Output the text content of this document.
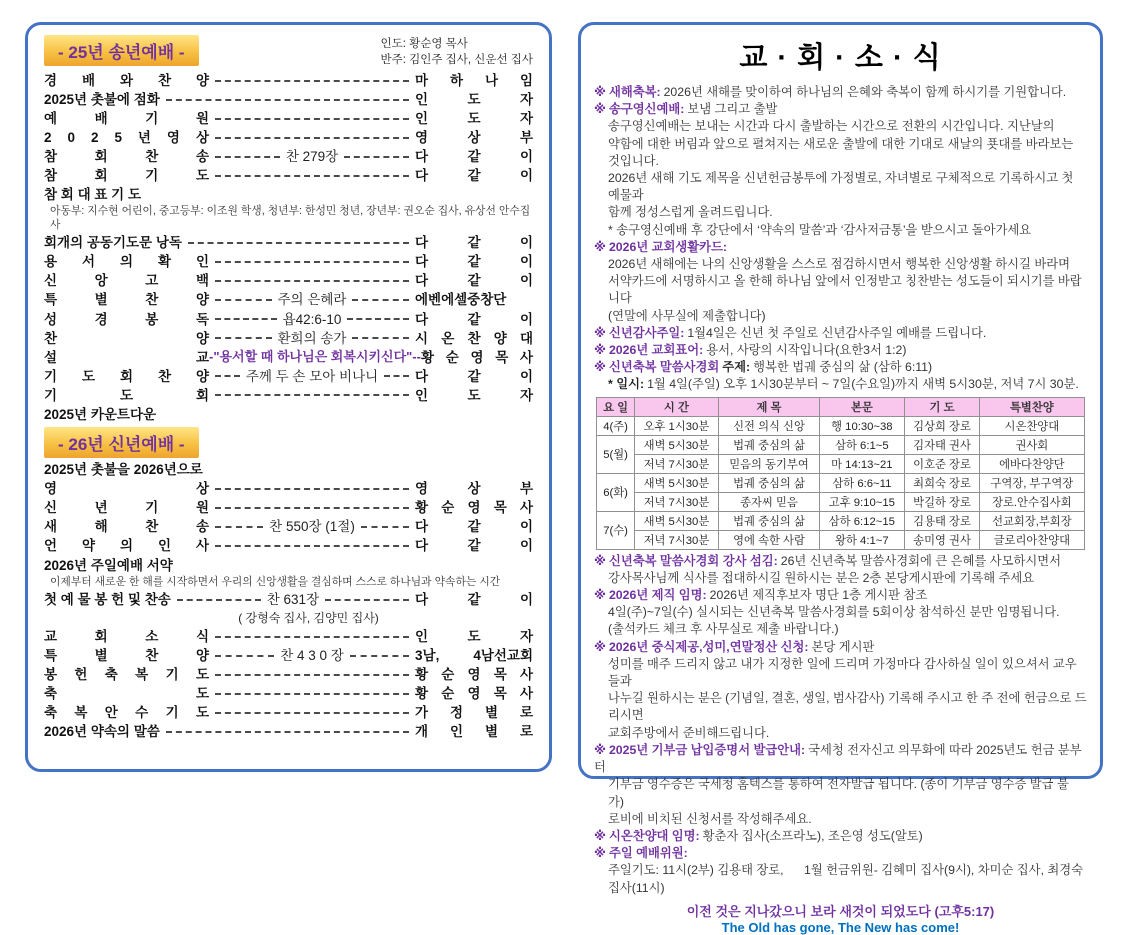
- 25년 송년예배 -	인도: 황순영 목사
반주: 김인주 집사, 신운선 집사
경 배 와 찬 양	마 하 나 임
2025년 촛불에 점화	인 도 자
예 배 기 원	인 도 자
2 0 2 5 년 영 상	영 상 부
참 회 찬 송	찬 279장	다 같 이
참 회 기 도	다 같 이
참 회 대 표 기 도
아동부: 지수현 어린이, 중고등부: 이조원 학생, 청년부: 한성민 청년, 장년부: 권오순 집사, 유상선 안수집사
회개의 공동기도문 낭독	다 같 이
용 서 의 확 인	다 같 이
신 앙 고 백	다 같 이
특 별 찬 양	주의 은혜라	에벤에셀중창단
성 경 봉 독	욥42:6-10	다 같 이
찬 양	환희의 송가	시 온 찬 양 대
설 교 -"용서할 때 하나님은 회복시키신다"-- 황 순 영 목 사
기 도 회 찬 양	주께 두 손 모아 비나니	다 같 이
기 도 회	인 도 자
2025년 카운트다운
- 26년 신년예배 -
2025년 촛불을 2026년으로
영 상	영 상 부
신 년 기 원	황 순 영 목 사
새 해 찬 송	찬 550장 (1절)	다 같 이
언 약 의 인 사	다 같 이
2026년 주일예배 서약
이제부터 새로운 한 해를 시작하면서 우리의 신앙생활을 결심하며 스스로 하나님과 약속하는 시간
첫 예 물 봉 헌 및 찬송	찬 631장	다 같 이
( 강형숙 집사, 김양민 집사)
교 회 소 식	인 도 자
특 별 찬 양	찬 4 3 0 장	3남, 4남선교회
봉 헌 축 복 기 도	황 순 영 목 사
축 도	황 순 영 목 사
축 복 안 수 기 도	가 정 별 로
2026년 약속의 말씀	개 인 별 로
교 · 회 · 소 · 식
※ 새해축복: 2026년 새해를 맞이하여 하나님의 은혜와 축복이 함께 하시기를 기원합니다.
※ 송구영신예배: 보냄 그리고 출발
송구영신예배는 보내는 시간과 다시 출발하는 시간으로 전환의 시간입니다. 지난날의
약함에 대한 버림과 앞으로 펼쳐지는 새로운 출발에 대한 기대로 새날의 푯대를 바라보는 것입니다.
2026년 새해 기도 제목을 신년헌금봉투에 가정별로, 자녀별로 구체적으로 기록하시고 첫 예물과
함께 정성스럽게 올려드립니다.
* 송구영신예배 후 강단에서 ‘약속의 말씀’과 ‘감사저금통’을 받으시고 돌아가세요
※ 2026년 교회생활카드:
2026년 새해에는 나의 신앙생활을 스스로 점검하시면서 행복한 신앙생활 하시길 바라며
서약카드에 서명하시고 올 한해 하나님 앞에서 인정받고 칭찬받는 성도들이 되시기를 바랍니다
(연말에 사무실에 제출합니다)
※ 신년감사주일: 1월4일은 신년 첫 주일로 신년감사주일 예배를 드립니다.
※ 2026년 교회표어: 용서, 사랑의 시작입니다(요한3서 1:2)
※ 신년축복 말씀사경회 주제: 행복한 법궤 중심의 삶 (삼하 6:11)
* 일시: 1월 4일(주일) 오후 1시30분부터 ~ 7일(수요일)까지 새벽 5시30분, 저녁 7시 30분.
요 일	시 간	제 목	본문	기 도	특별찬양
4(주)	오후 1시30분	신전 의식 신앙	행 10:30~38	김상희 장로	시온찬양대
5(월)	새벽 5시30분	법궤 중심의 삶	삼하 6:1~5	김자태 권사	권사회
	저녁 7시30분	믿음의 동기부여	마 14:13~21	이호준 장로	에바다찬양단
6(화)	새벽 5시30분	법궤 중심의 삶	삼하 6:6~11	최희숙 장로	구역장, 부구역장
	저녁 7시30분	종자씨 믿음	고후 9:10~15	박길하 장로	장로.안수집사회
7(수)	새벽 5시30분	법궤 중심의 삶	삼하 6:12~15	김용태 장로	선교회장,부회장
	저녁 7시30분	영에 속한 사람	왕하 4:1~7	송미영 권사	글로리아찬양대
※ 신년축복 말씀사경회 강사 섬김: 26년 신년축복 말씀사경회에 큰 은혜를 사모하시면서
강사목사님께 식사를 접대하시길 원하시는 분은 2층 본당게시판에 기록해 주세요
※ 2026년 제직 임명: 2026년 제직후보자 명단 1층 게시판 참조
4일(주)~7일(수) 실시되는 신년축복 말씀사경회를 5회이상 참석하신 분만 임명됩니다.
(출석카드 체크 후 사무실로 제출 바랍니다.)
※ 2026년 중식제공,성미,연말정산 신청: 본당 게시판
성미를 매주 드리지 않고 내가 지정한 일에 드리며 가정마다 감사하실 일이 있으셔서 교우들과
나누길 원하시는 분은 (기념일, 결혼, 생일, 범사감사) 기록해 주시고 한 주 전에 헌금으로 드리시면
교회주방에서 준비해드립니다.
※ 2025년 기부금 납입증명서 발급안내: 국세청 전자신고 의무화에 따라 2025년도 헌금 분부터
기부금 영수증은 국세청 홈텍스를 통하여 전자발급 됩니다. (종이 기부금 영수증 발급 불가)
로비에 비치된 신청서를 작성해주세요.
※ 시온찬양대 임명: 황춘자 집사(소프라노), 조은영 성도(알토)
※ 주일 예배위원:
주일기도: 11시(2부) 김용태 장로,      1월 헌금위원- 김혜미 집사(9시), 차미순 집사, 최경숙 집사(11시)
이전 것은 지나갔으니 보라 새것이 되었도다 (고후5:17)
The Old has gone, The New has come!
